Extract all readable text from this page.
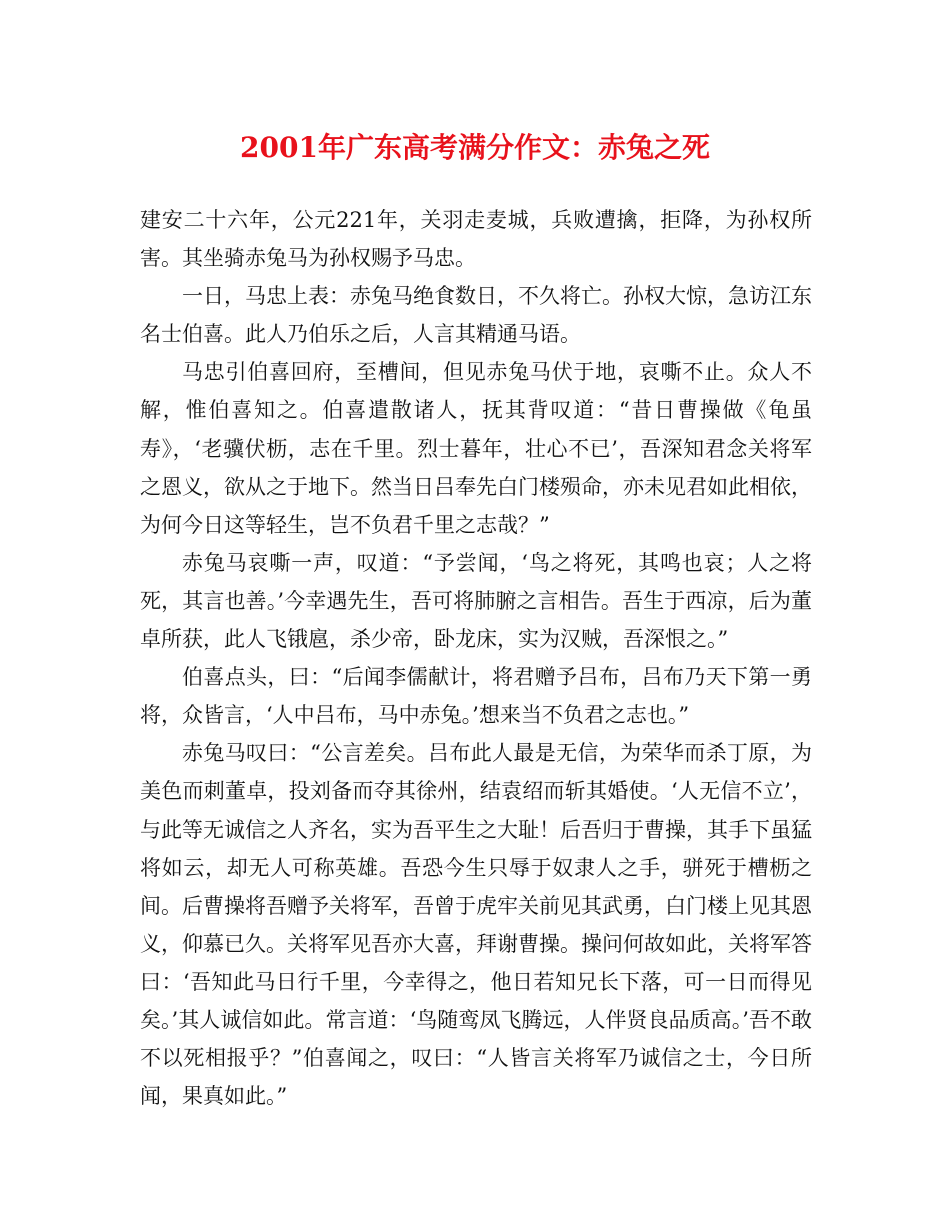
2001年广东高考满分作文：赤兔之死

建安二十六年，公元221年，关羽走麦城，兵败遭擒，拒降，为孙权所害。其坐骑赤兔马为孙权赐予马忠。

一日，马忠上表：赤兔马绝食数日，不久将亡。孙权大惊，急访江东名士伯喜。此人乃伯乐之后，人言其精通马语。

马忠引伯喜回府，至槽间，但见赤兔马伏于地，哀嘶不止。众人不解，惟伯喜知之。伯喜遣散诸人，抚其背叹道：“昔日曹操做《龟虽寿》，‘老骥伏枥，志在千里。烈士暮年，壮心不已’，吾深知君念关将军之恩义，欲从之于地下。然当日吕奉先白门楼殒命，亦未见君如此相依，为何今日这等轻生，岂不负君千里之志哉？”

赤兔马哀嘶一声，叹道：“予尝闻，‘鸟之将死，其鸣也哀；人之将死，其言也善。’今幸遇先生，吾可将肺腑之言相告。吾生于西凉，后为董卓所获，此人飞锇扈，杀少帝，卧龙床，实为汉贼，吾深恨之。”

伯喜点头，曰：“后闻李儒献计，将君赠予吕布，吕布乃天下第一勇将，众皆言，‘人中吕布，马中赤兔。’想来当不负君之志也。”

赤兔马叹曰：“公言差矣。吕布此人最是无信，为荣华而杀丁原，为美色而刺董卓，投刘备而夺其徐州，结袁绍而斩其婚使。‘人无信不立’，与此等无诚信之人齐名，实为吾平生之大耻！后吾归于曹操，其手下虽猛将如云，却无人可称英雄。吾恐今生只辱于奴隶人之手，骈死于槽枥之间。后曹操将吾赠予关将军，吾曾于虎牢关前见其武勇，白门楼上见其恩义，仰慕已久。关将军见吾亦大喜，拜谢曹操。操问何故如此，关将军答曰：‘吾知此马日行千里，今幸得之，他日若知兄长下落，可一日而得见矣。’其人诚信如此。常言道：‘鸟随鸾凤飞腾远，人伴贤良品质高。’吾不敢不以死相报乎？”伯喜闻之，叹曰：“人皆言关将军乃诚信之士，今日所闻，果真如此。”
